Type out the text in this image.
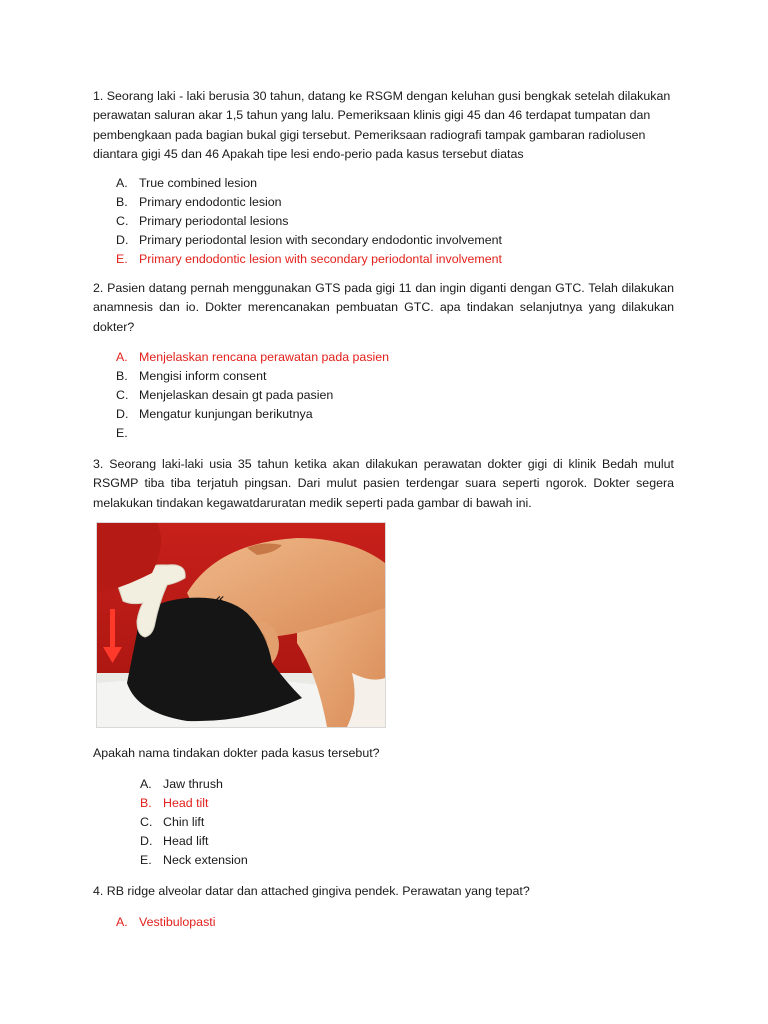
1. Seorang laki - laki berusia 30 tahun, datang ke RSGM dengan keluhan gusi bengkak setelah dilakukan perawatan saluran akar 1,5 tahun yang lalu. Pemeriksaan klinis gigi 45 dan 46 terdapat tumpatan dan pembengkaan pada bagian bukal gigi tersebut. Pemeriksaan radiografi tampak gambaran radiolusen diantara gigi 45 dan 46 Apakah tipe lesi endo-perio pada kasus tersebut diatas

A. True combined lesion
B. Primary endodontic lesion
C. Primary periodontal lesions
D. Primary periodontal lesion with secondary endodontic involvement
E. Primary endodontic lesion with secondary periodontal involvement

2. Pasien datang pernah menggunakan GTS pada gigi 11 dan ingin diganti dengan GTC. Telah dilakukan anamnesis dan io. Dokter merencanakan pembuatan GTC. apa tindakan selanjutnya yang dilakukan dokter?

A. Menjelaskan rencana perawatan pada pasien
B. Mengisi inform consent
C. Menjelaskan desain gt pada pasien
D. Mengatur kunjungan berikutnya
E.

3. Seorang laki-laki usia 35 tahun ketika akan dilakukan perawatan dokter gigi di klinik Bedah mulut RSGMP tiba tiba terjatuh pingsan. Dari mulut pasien terdengar suara seperti ngorok. Dokter segera melakukan tindakan kegawatdaruratan medik seperti pada gambar di bawah ini.

«

Apakah nama tindakan dokter pada kasus tersebut?

A. Jaw thrush
B. Head tilt
C. Chin lift
D. Head lift
E. Neck extension

4. RB ridge alveolar datar dan attached gingiva pendek. Perawatan yang tepat?

A. Vestibulopasti
